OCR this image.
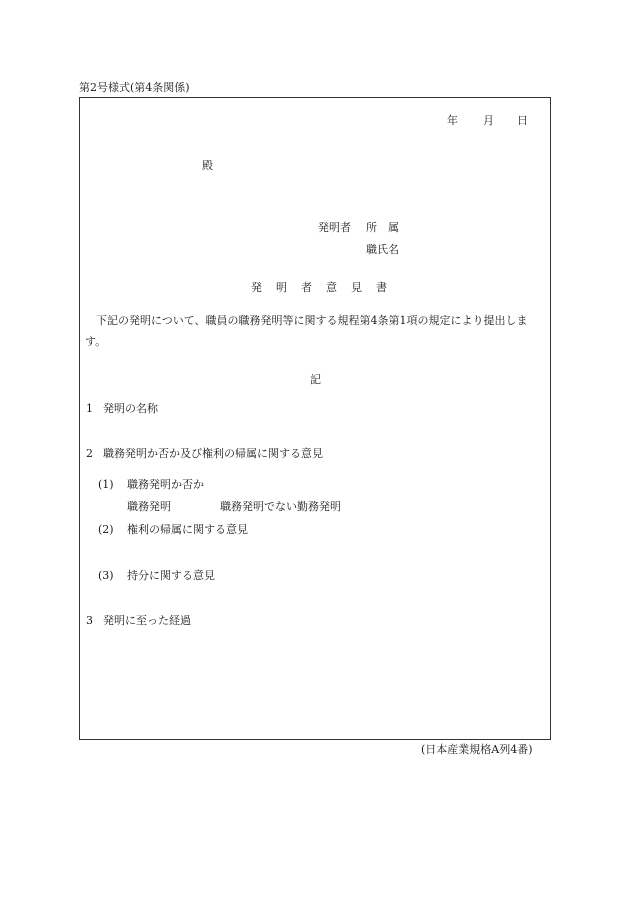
第2号様式(第4条関係)
年 月 日
殿
発明者 所　属
職氏名
発明者意見書
下記の発明について、職員の職務発明等に関する規程第4条第1項の規定により提出します。
記
1 発明の名称
2 職務発明か否か及び権利の帰属に関する意見
(1) 職務発明か否か
職務発明	職務発明でない勤務発明
(2) 権利の帰属に関する意見
(3) 持分に関する意見
3 発明に至った経過
(日本産業規格A列4番)
